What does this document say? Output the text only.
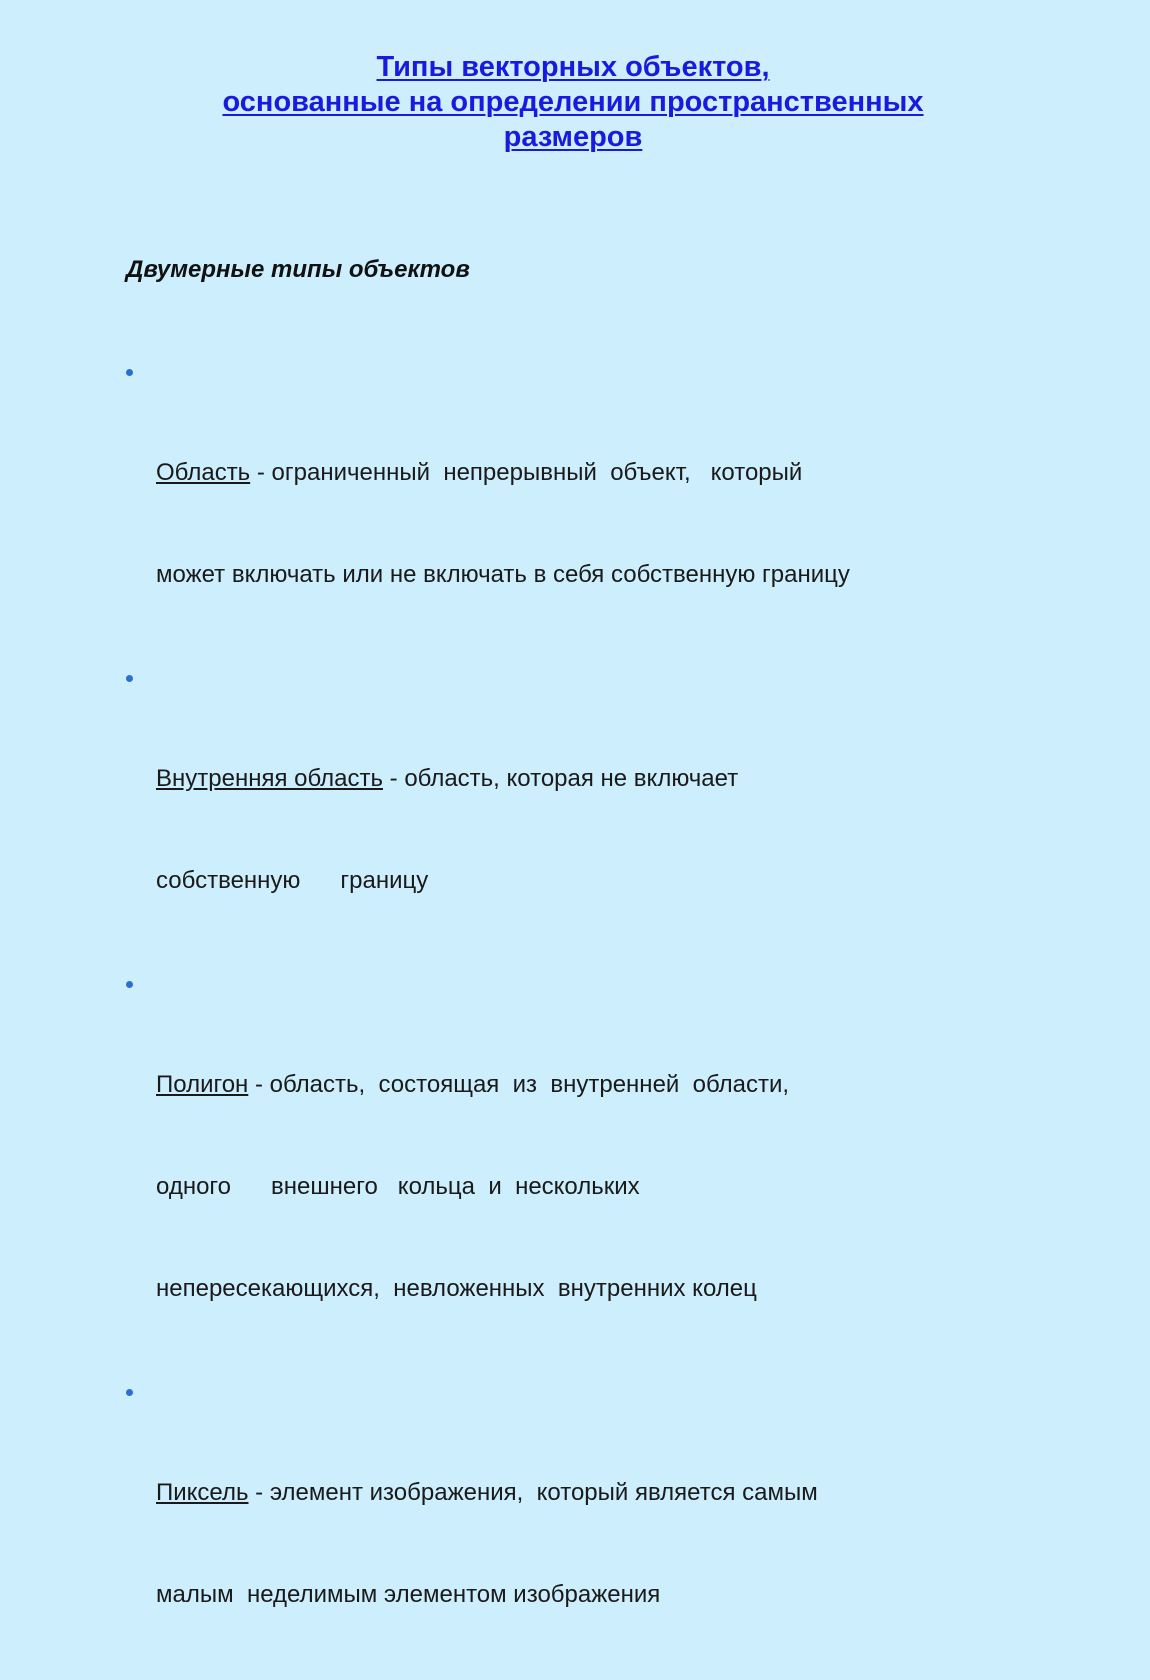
Типы векторных объектов,
основанные на определении пространственных
размеров
Двумерные типы объектов

Область - ограниченный  непрерывный  объект,   который

может включать или не включать в себя собственную границу

Внутренняя область - область, которая не включает

собственную      границу

Полигон - область,  состоящая  из  внутренней  области,

одного      внешнего   кольца  и  нескольких

непересекающихся,  невложенных  внутренних колец

Пиксель - элемент изображения,  который является самым

малым  неделимым элементом изображения
